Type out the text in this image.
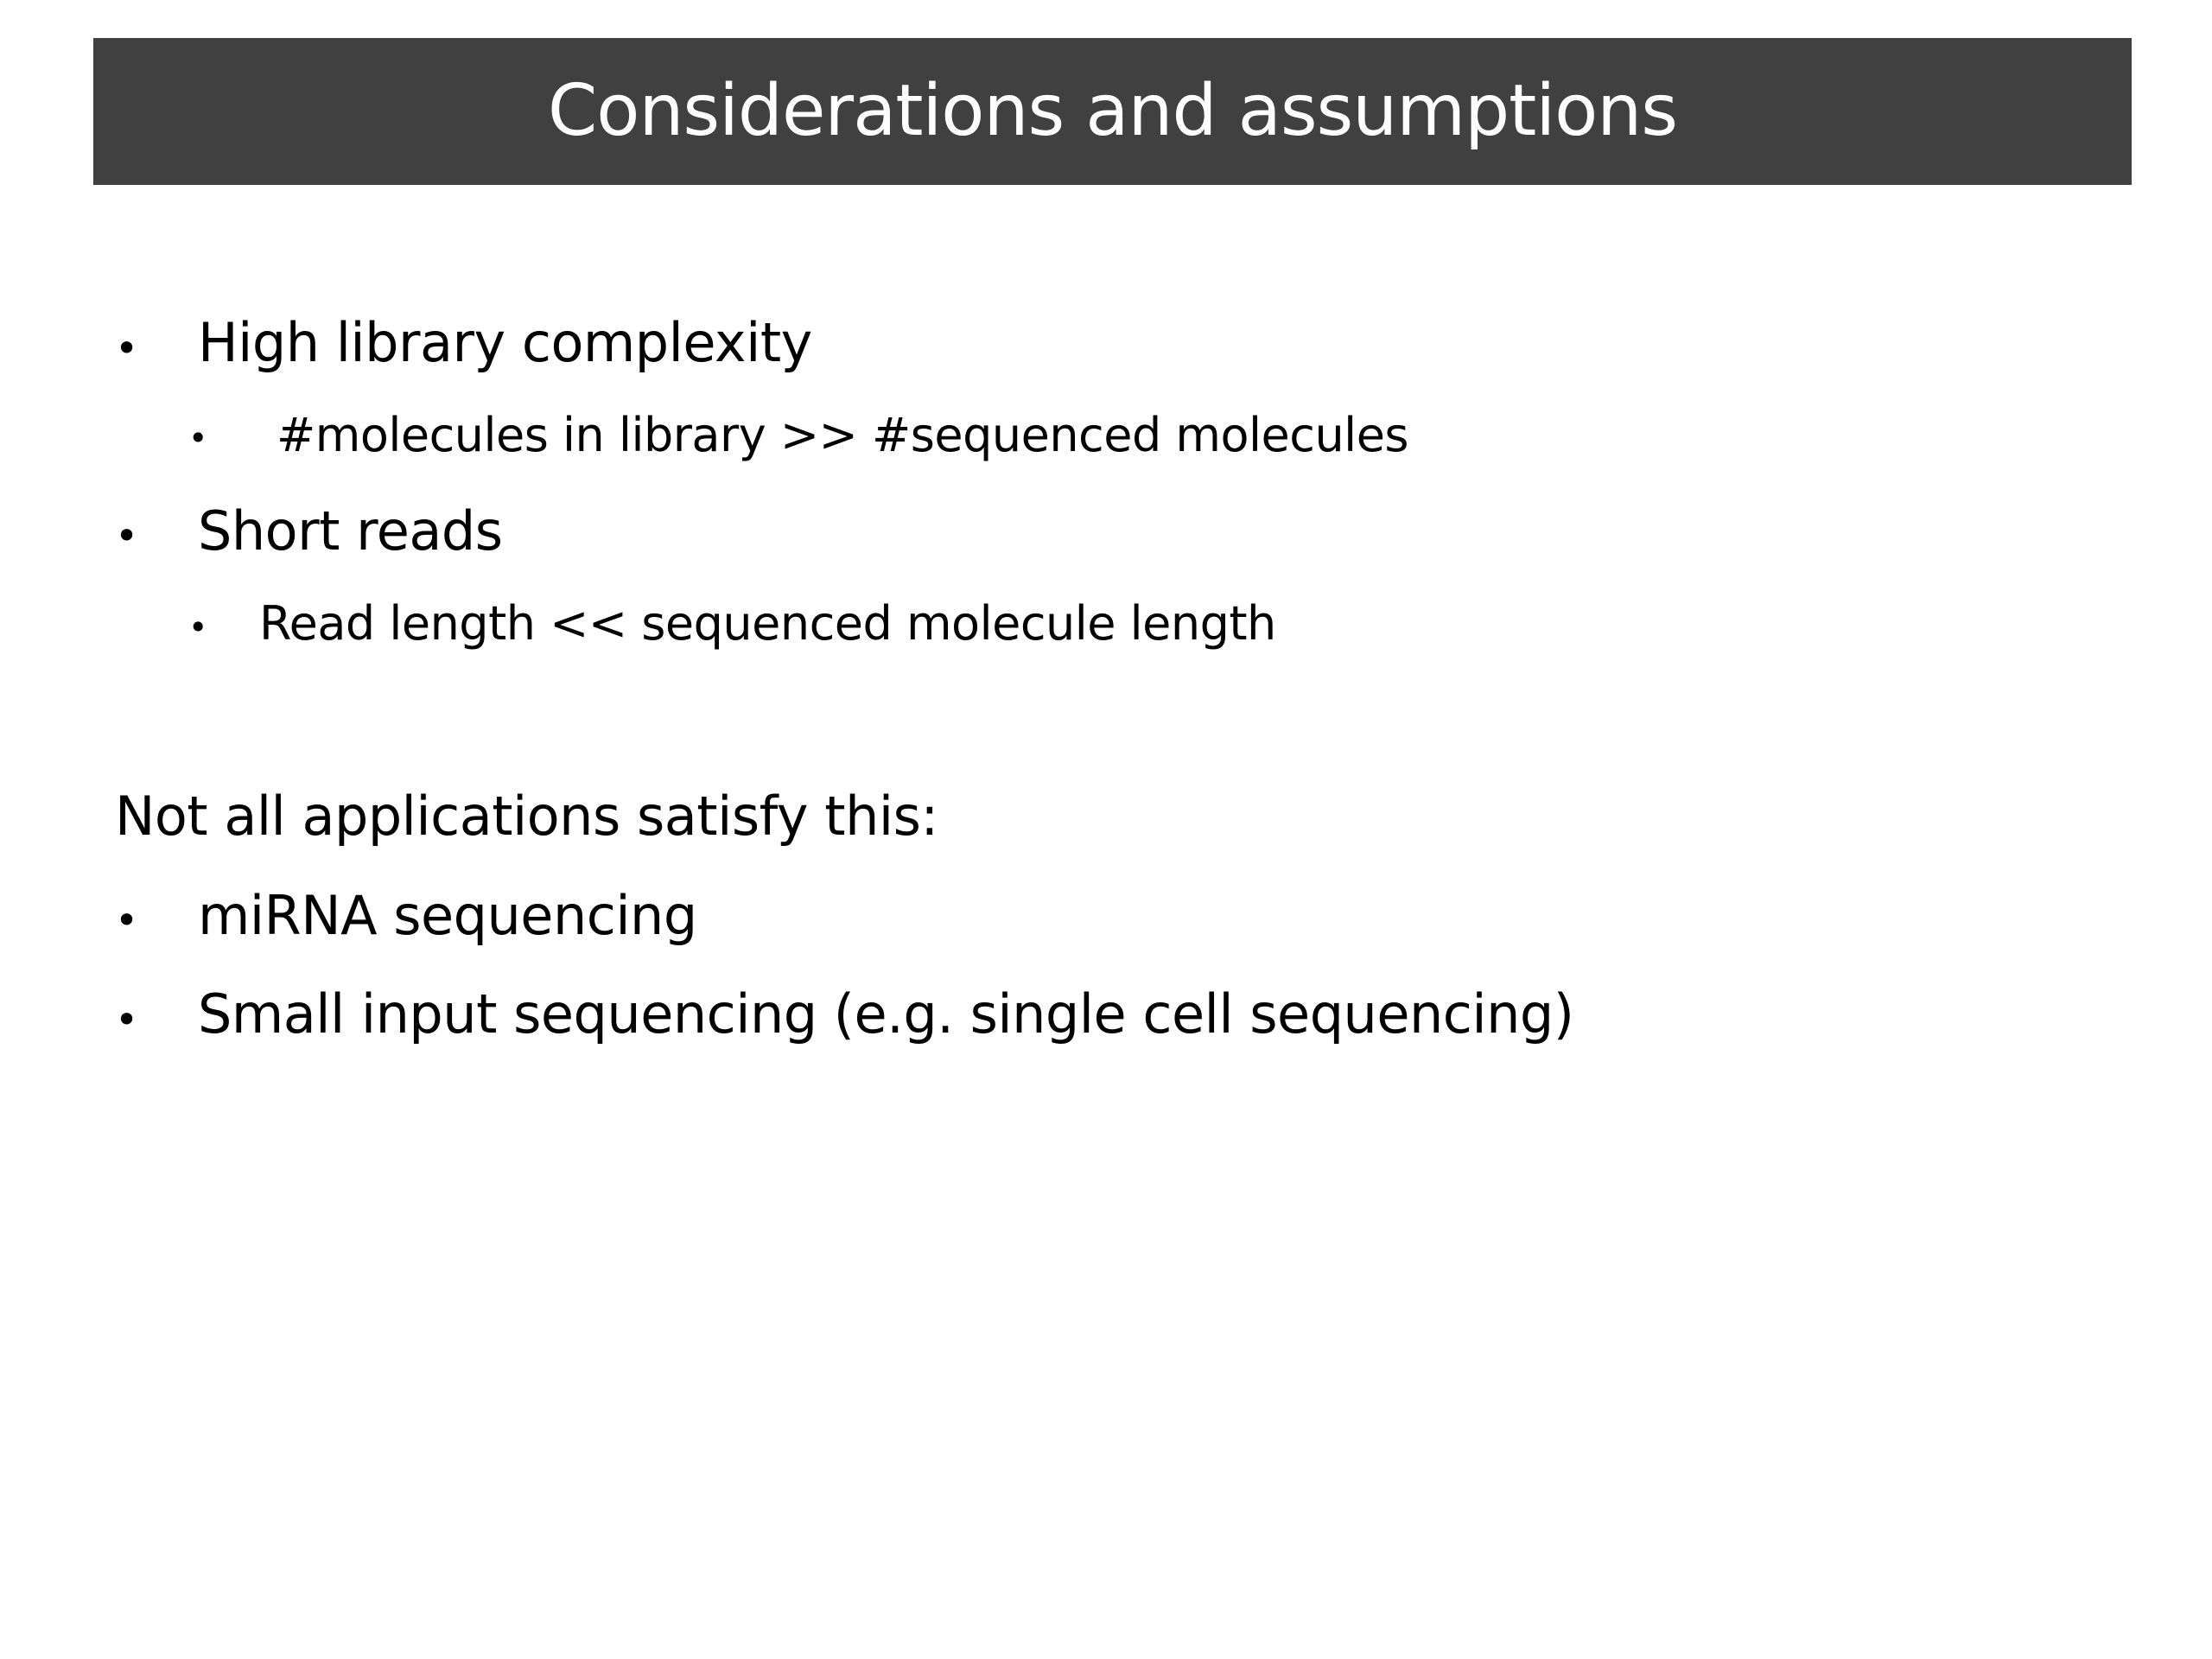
Considerations and assumptions
• High library complexity
• #molecules in library >> #sequenced molecules
• Short reads
• Read length << sequenced molecule length
Not all applications satisfy this:
• miRNA sequencing
• Small input sequencing (e.g. single cell sequencing)
